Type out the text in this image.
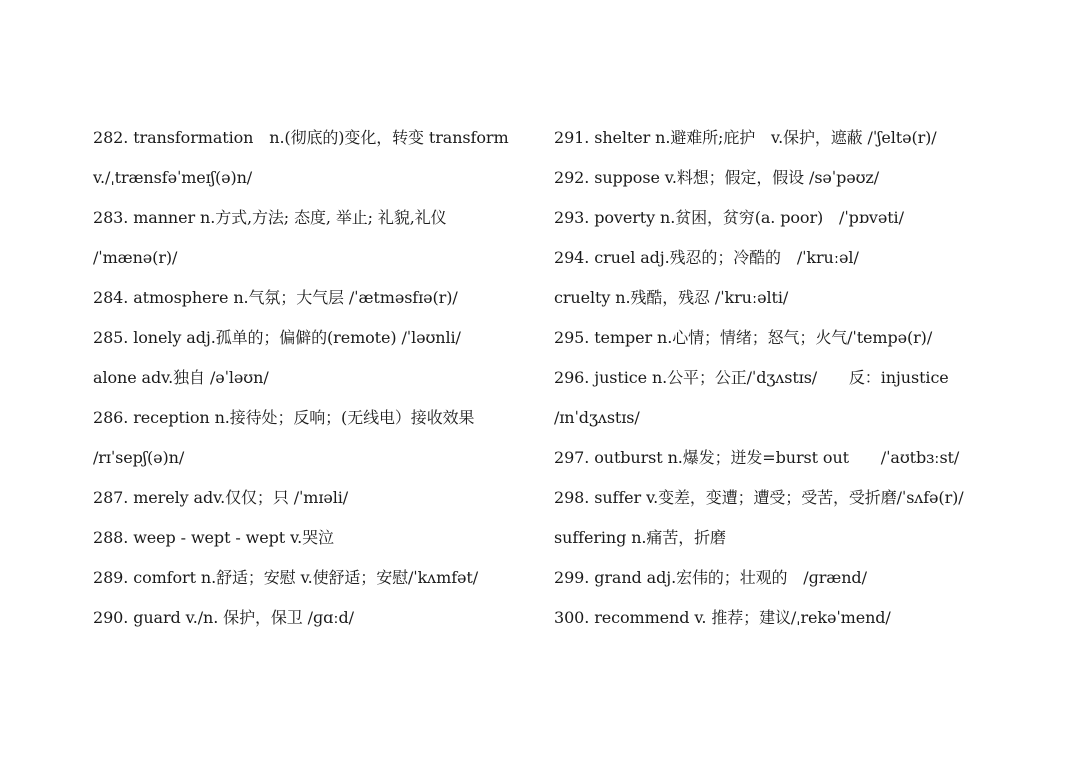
282. transformation　n.(彻底的)变化，转变 transform
v./ˌtrænsfəˈmeɪʃ(ə)n/
283. manner n.方式,方法; 态度, 举止; 礼貌,礼仪
/ˈmænə(r)/
284. atmosphere n.气氛；大气层 /ˈætməsfɪə(r)/
285. lonely adj.孤单的；偏僻的(remote) /ˈləʊnli/
alone adv.独自 /əˈləʊn/
286. reception n.接待处；反响；(无线电）接收效果
/rɪˈsepʃ(ə)n/
287. merely adv.仅仅；只 /ˈmɪəli/
288. weep - wept - wept v.哭泣
289. comfort n.舒适；安慰 v.使舒适；安慰/ˈkʌmfət/
290. guard v./n. 保护，保卫 /ɡɑːd/
291. shelter n.避难所;庇护　v.保护，遮蔽 /ˈʃeltə(r)/
292. suppose v.料想；假定，假设 /səˈpəʊz/
293. poverty n.贫困，贫穷(a. poor)　/ˈpɒvəti/
294. cruel adj.残忍的；冷酷的　/ˈkruːəl/
cruelty n.残酷，残忍 /ˈkruːəlti/
295. temper n.心情；情绪；怒气；火气/ˈtempə(r)/
296. justice n.公平；公正/ˈdʒʌstɪs/　　反：injustice
/ɪnˈdʒʌstɪs/
297. outburst n.爆发；迸发=burst out　　/ˈaʊtbɜːst/
298. suffer v.变差，变遭；遭受；受苦，受折磨/ˈsʌfə(r)/
suffering n.痛苦，折磨
299. grand adj.宏伟的；壮观的　/ɡrænd/
300. recommend v. 推荐；建议/ˌrekəˈmend/
